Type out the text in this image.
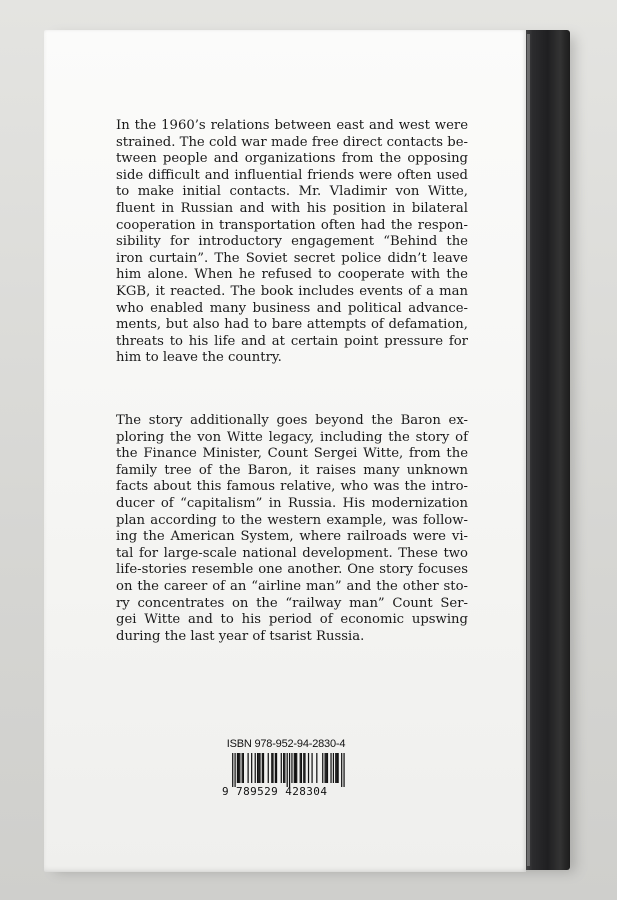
In the 1960’s relations between east and west were
strained. The cold war made free direct contacts be-
tween people and organizations from the opposing
side difficult and influential friends were often used
to make initial contacts. Mr. Vladimir von Witte,
fluent in Russian and with his position in bilateral
cooperation in transportation often had the respon-
sibility for introductory engagement “Behind the
iron curtain”. The Soviet secret police didn’t leave
him alone. When he refused to cooperate with the
KGB, it reacted. The book includes events of a man
who enabled many business and political advance-
ments, but also had to bare attempts of defamation,
threats to his life and at certain point pressure for
him to leave the country.
The story additionally goes beyond the Baron ex-
ploring the von Witte legacy, including the story of
the Finance Minister, Count Sergei Witte, from the
family tree of the Baron, it raises many unknown
facts about this famous relative, who was the intro-
ducer of “capitalism” in Russia. His modernization
plan according to the western example, was follow-
ing the American System, where railroads were vi-
tal for large-scale national development. These two
life-stories resemble one another. One story focuses
on the career of an “airline man” and the other sto-
ry concentrates on the “railway man” Count Ser-
gei Witte and to his period of economic upswing
during the last year of tsarist Russia.
ISBN 978-952-94-2830-4
9 789529 428304
